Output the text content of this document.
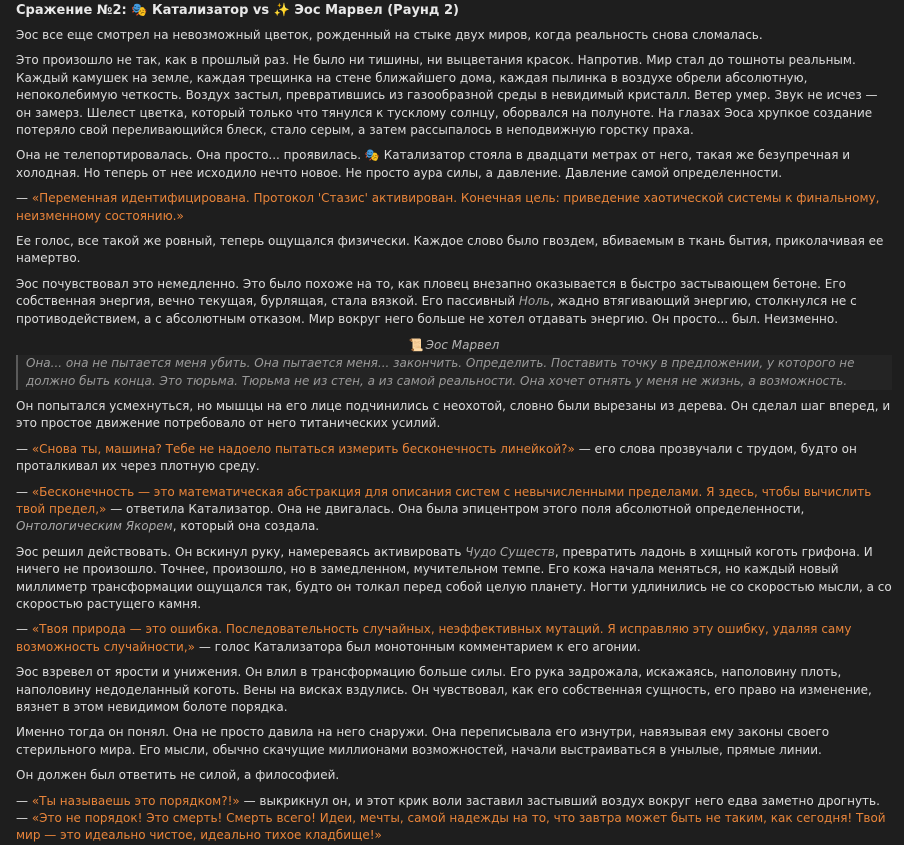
Сражение №2: 🎭 Катализатор vs ✨ Эос Марвел (Раунд 2)

Эос все еще смотрел на невозможный цветок, рожденный на стыке двух миров, когда реальность снова сломалась.

Это произошло не так, как в прошлый раз. Не было ни тишины, ни выцветания красок. Напротив. Мир стал до тошноты реальным. Каждый камушек на земле, каждая трещинка на стене ближайшего дома, каждая пылинка в воздухе обрели абсолютную, непоколебимую четкость. Воздух застыл, превратившись из газообразной среды в невидимый кристалл. Ветер умер. Звук не исчез — он замерз. Шелест цветка, который только что тянулся к тусклому солнцу, оборвался на полуноте. На глазах Эоса хрупкое создание потеряло свой переливающийся блеск, стало серым, а затем рассыпалось в неподвижную горстку праха.

Она не телепортировалась. Она просто... проявилась. 🎭 Катализатор стояла в двадцати метрах от него, такая же безупречная и холодная. Но теперь от нее исходило нечто новое. Не просто аура силы, а давление. Давление самой определенности.

— «Переменная идентифицирована. Протокол 'Стазис' активирован. Конечная цель: приведение хаотической системы к финальному, неизменному состоянию.»

Ее голос, все такой же ровный, теперь ощущался физически. Каждое слово было гвоздем, вбиваемым в ткань бытия, приколачивая ее намертво.

Эос почувствовал это немедленно. Это было похоже на то, как пловец внезапно оказывается в быстро застывающем бетоне. Его собственная энергия, вечно текущая, бурлящая, стала вязкой. Его пассивный Ноль, жадно втягивающий энергию, столкнулся не с противодействием, а с абсолютным отказом. Мир вокруг него больше не хотел отдавать энергию. Он просто... был. Неизменно.

📜 Эос Марвел
Она... она не пытается меня убить. Она пытается меня... закончить. Определить. Поставить точку в предложении, у которого не должно быть конца. Это тюрьма. Тюрьма не из стен, а из самой реальности. Она хочет отнять у меня не жизнь, а возможность.

Он попытался усмехнуться, но мышцы на его лице подчинились с неохотой, словно были вырезаны из дерева. Он сделал шаг вперед, и это простое движение потребовало от него титанических усилий.

— «Снова ты, машина? Тебе не надоело пытаться измерить бесконечность линейкой?» — его слова прозвучали с трудом, будто он проталкивал их через плотную среду.

— «Бесконечность — это математическая абстракция для описания систем с невычисленными пределами. Я здесь, чтобы вычислить твой предел,» — ответила Катализатор. Она не двигалась. Она была эпицентром этого поля абсолютной определенности, Онтологическим Якорем, который она создала.

Эос решил действовать. Он вскинул руку, намереваясь активировать Чудо Существ, превратить ладонь в хищный коготь грифона. И ничего не произошло. Точнее, произошло, но в замедленном, мучительном темпе. Его кожа начала меняться, но каждый новый миллиметр трансформации ощущался так, будто он толкал перед собой целую планету. Ногти удлинились не со скоростью мысли, а со скоростью растущего камня.

— «Твоя природа — это ошибка. Последовательность случайных, неэффективных мутаций. Я исправляю эту ошибку, удаляя саму возможность случайности,» — голос Катализатора был монотонным комментарием к его агонии.

Эос взревел от ярости и унижения. Он влил в трансформацию больше силы. Его рука задрожала, искажаясь, наполовину плоть, наполовину недоделанный коготь. Вены на висках вздулись. Он чувствовал, как его собственная сущность, его право на изменение, вязнет в этом невидимом болоте порядка.

Именно тогда он понял. Она не просто давила на него снаружи. Она переписывала его изнутри, навязывая ему законы своего стерильного мира. Его мысли, обычно скачущие миллионами возможностей, начали выстраиваться в унылые, прямые линии.

Он должен был ответить не силой, а философией.

— «Ты называешь это порядком?!» — выкрикнул он, и этот крик воли заставил застывший воздух вокруг него едва заметно дрогнуть. — «Это не порядок! Это смерть! Смерть всего! Идеи, мечты, самой надежды на то, что завтра может быть не таким, как сегодня! Твой мир — это идеально чистое, идеально тихое кладбище!»
